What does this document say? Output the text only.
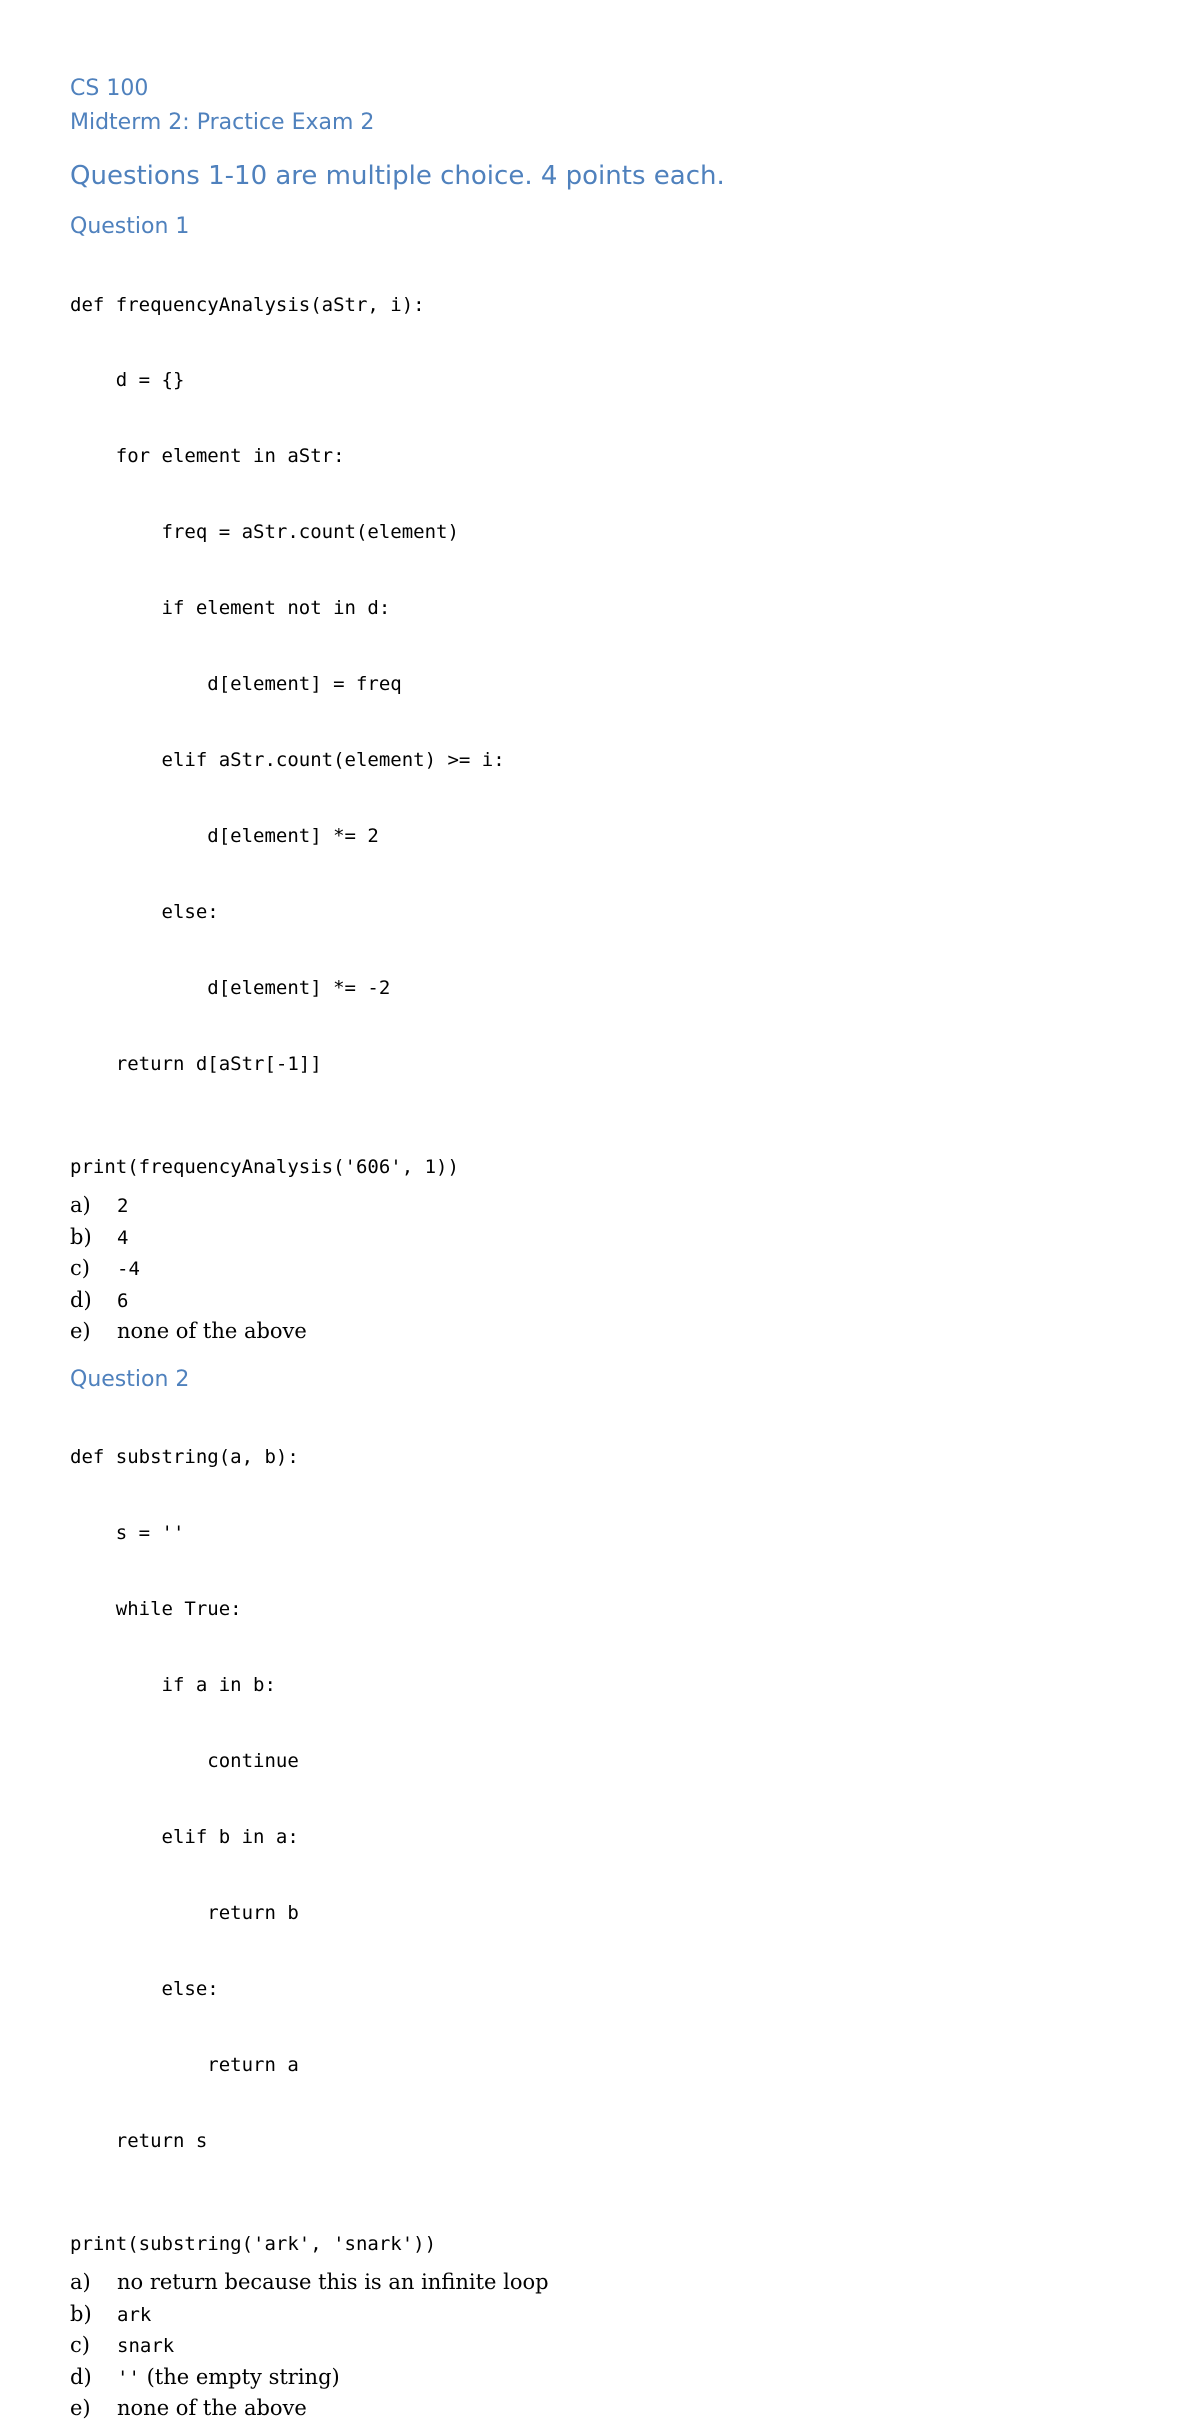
CS 100
Midterm 2: Practice Exam 2
Questions 1-10 are multiple choice. 4 points each.
Question 1

def frequencyAnalysis(aStr, i):

d = {}

for element in aStr:

freq = aStr.count(element)

if element not in d:

d[element] = freq

elif aStr.count(element) >= i:

d[element] *= 2

else:

d[element] *= -2

return d[aStr[-1]]

print(frequencyAnalysis('606', 1))
a)	2
b)	4
c)	-4
d)	6
e)	none of the above
Question 2

def substring(a, b):

s = ''

while True:

if a in b:

continue

elif b in a:

return b

else:

return a

return s

print(substring('ark', 'snark'))
a)	no return because this is an infinite loop
b)	ark
c)	snark
d)	'' (the empty string)
e)	none of the above
